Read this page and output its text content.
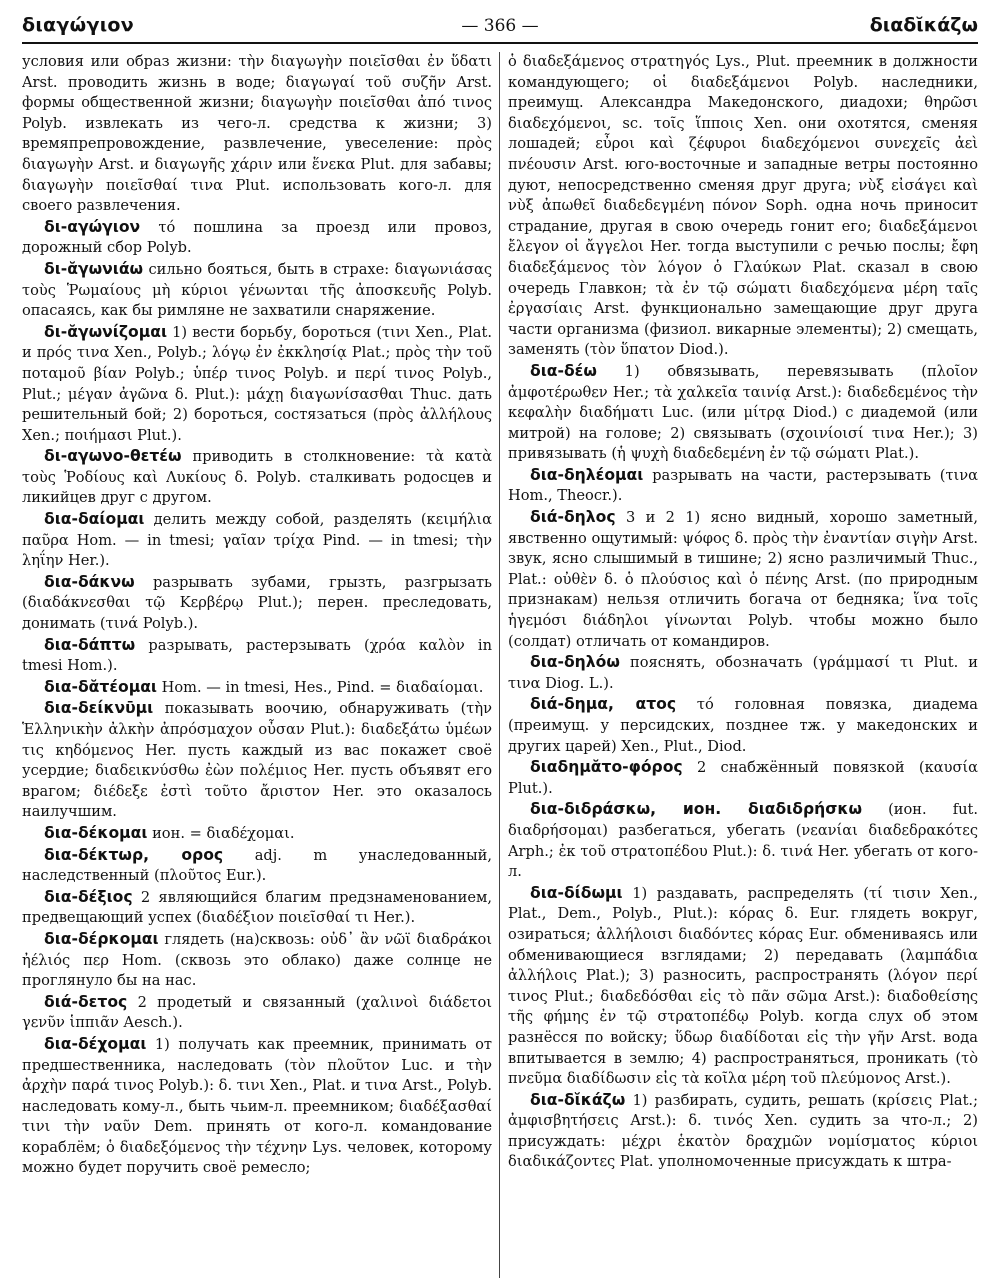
διαγώγιον	— 366 —	διαδῐκάζω

условия или образ жизни: τὴν διαγωγὴν ποιεῖσθαι ἐν ὕδατι Arst. проводить жизнь в воде; διαγωγαί τοῦ συζῆν Arst. формы общественной жизни; διαγωγὴν ποιεῖσθαι ἀπό τινος Polyb. извлекать из чего-л. средства к жизни; 3) времяпрепровождение, развлечение, увеселение: πρὸς διαγωγὴν Arst. и διαγωγῆς χάριν или ἕνεκα Plut. для забавы; διαγωγὴν ποιεῖσθαί τινα Plut. использовать кого-л. для своего развлечения.

δι-αγώγιον τό пошлина за проезд или провоз, дорожный сбор Polyb.

δι-ᾰγωνιάω сильно бояться, быть в страхе: διαγωνιάσας τοὺς Ῥωμαίους μὴ κύριοι γένωνται τῆς ἀποσκευῆς Polyb. опасаясь, как бы римляне не захватили снаряжение.

δι-ᾰγωνίζομαι 1) вести борьбу, бороться (τινι Xen., Plat. и πρός τινα Xen., Polyb.; λόγῳ ἐν ἐκκλησίᾳ Plat.; πρὸς τὴν τοῦ ποταμοῦ βίαν Polyb.; ὑπέρ τινος Polyb. и περί τινος Polyb., Plut.; μέγαν ἀγῶνα δ. Plut.): μάχῃ διαγωνίσασθαι Thuc. дать решительный бой; 2) бороться, состязаться (πρὸς ἀλλήλους Xen.; ποιήμασι Plut.).

δι-αγωνο-θετέω приводить в столкновение: τὰ κατὰ τοὺς Ῥοδίους καὶ Λυκίους δ. Polyb. сталкивать родосцев и ликийцев друг с другом.

δια-δαίομαι делить между собой, разделять (κειμήλια παῦρα Hom. — in tmesi; γαῖαν τρίχα Pind. — in tmesi; τὴν ληΐην Her.).

δια-δάκνω разрывать зубами, грызть, разгрызать (διαδάκνεσθαι τῷ Κερβέρῳ Plut.); перен. преследовать, донимать (τινά Polyb.).

δια-δάπτω разрывать, растерзывать (χρόα καλὸν in tmesi Hom.).

δια-δᾰτέομαι Hom. — in tmesi, Hes., Pind. = διαδαίομαι.

δια-δείκνῡμι показывать воочию, обнаруживать (τὴν Ἑλληνικὴν ἀλκὴν ἀπρόσμαχον οὖσαν Plut.): διαδεξάτω ὑμέων τις κηδόμενος Her. пусть каждый из вас покажет своё усердие; διαδεικνύσθω ἐὼν πολέμιος Her. пусть объявят его врагом; διέδεξε ἐστὶ τοῦτο ἄριστον Her. это оказалось наилучшим.

δια-δέκομαι ион. = διαδέχομαι.

δια-δέκτωρ, ορος adj. m унаследованный, наследственный (πλοῦτος Eur.).

δια-δέξιος 2 являющийся благим предзнаменованием, предвещающий успех (διαδέξιον ποιεῖσθαί τι Her.).

δια-δέρκομαι глядеть (на)сквозь: οὐδ᾽ ἂν νῶϊ διαδράκοι ἠέλιός περ Hom. (сквозь это облако) даже солнце не проглянуло бы на нас.

διά-δετος 2 продетый и связанный (χαλινοὶ διάδετοι γενῦν ἱππιᾶν Aesch.).

δια-δέχομαι 1) получать как преемник, принимать от предшественника, наследовать (τὸν πλοῦτον Luc. и τὴν ἀρχὴν παρά τινος Polyb.): δ. τινι Xen., Plat. и τινα Arst., Polyb. наследовать кому-л., быть чьим-л. преемником; διαδέξασθαί τινι τὴν ναῦν Dem. принять от кого-л. командование кораблём; ὁ διαδεξόμενος τὴν τέχνην Lys. человек, которому можно будет поручить своё ремесло;

ὁ διαδεξάμενος στρατηγός Lys., Plut. преемник в должности командующего; οἱ διαδεξάμενοι Polyb. наследники, преимущ. Александра Македонского, диадохи; θηρῶσι διαδεχόμενοι, sc. τοῖς ἵπποις Xen. они охотятся, сменяя лошадей; εὖροι καὶ ζέφυροι διαδεχόμενοι συνεχεῖς ἀεὶ πνέουσιν Arst. юго-восточные и западные ветры постоянно дуют, непосредственно сменяя друг друга; νὺξ εἰσάγει καὶ νὺξ ἀπωθεῖ διαδεδεγμένη πόνον Soph. одна ночь приносит страдание, другая в свою очередь гонит его; διαδεξάμενοι ἔλεγον οἱ ἄγγελοι Her. тогда выступили с речью послы; ἔφη διαδεξάμενος τὸν λόγον ὁ Γλαύκων Plat. сказал в свою очередь Главкон; τὰ ἐν τῷ σώματι διαδεχόμενα μέρη ταῖς ἐργασίαις Arst. функционально замещающие друг друга части организма (физиол. викарные элементы); 2) смещать, заменять (τὸν ὕπατον Diod.).

δια-δέω 1) обвязывать, перевязывать (πλοῖον ἀμφοτέρωθεν Her.; τὰ χαλκεῖα ταινίᾳ Arst.): διαδεδεμένος τὴν κεφαλὴν διαδήματι Luc. (или μίτρᾳ Diod.) с диадемой (или митрой) на голове; 2) связывать (σχοινίοισί τινα Her.); 3) привязывать (ἡ ψυχὴ διαδεδεμένη ἐν τῷ σώματι Plat.).

δια-δηλέομαι разрывать на части, растерзывать (τινα Hom., Theocr.).

διά-δηλος 3 и 2 1) ясно видный, хорошо заметный, явственно ощутимый: ψόφος δ. πρὸς τὴν ἐναντίαν σιγὴν Arst. звук, ясно слышимый в тишине; 2) ясно различимый Thuc., Plat.: οὐθὲν δ. ὁ πλούσιος καὶ ὁ πένης Arst. (по природным признакам) нельзя отличить богача от бедняка; ἵνα τοῖς ἡγεμόσι διάδηλοι γίνωνται Polyb. чтобы можно было (солдат) отличать от командиров.

δια-δηλόω пояснять, обозначать (γράμμασί τι Plut. и τινα Diog. L.).

διά-δημα, ατος τό головная повязка, диадема (преимущ. у персидских, позднее тж. у македонских и других царей) Xen., Plut., Diod.

διαδημᾰτο-φόρος 2 снабжённый повязкой (καυσία Plut.).

δια-διδράσκω, ион. διαδιδρήσκω (ион. fut. διαδρήσομαι) разбегаться, убегать (νεανίαι διαδεδρακότες Arph.; ἐκ τοῦ στρατοπέδου Plut.): δ. τινά Her. убегать от кого-л.

δια-δίδωμι 1) раздавать, распределять (τί τισιν Xen., Plat., Dem., Polyb., Plut.): κόρας δ. Eur. глядеть вокруг, озираться; ἀλλήλοισι διαδόντες κόρας Eur. обмениваясь или обменивающиеся взглядами; 2) передавать (λαμπάδια ἀλλήλοις Plat.); 3) разносить, распространять (λόγον περί τινος Plut.; διαδεδόσθαι εἰς τὸ πᾶν σῶμα Arst.): διαδοθείσης τῆς φήμης ἐν τῷ στρατοπέδῳ Polyb. когда слух об этом разнёсся по войску; ὕδωρ διαδίδοται εἰς τὴν γῆν Arst. вода впитывается в землю; 4) распространяться, проникать (τὸ πνεῦμα διαδίδωσιν εἰς τὰ κοῖλα μέρη τοῦ πλεύμονος Arst.).

δια-δῐκάζω 1) разбирать, судить, решать (κρίσεις Plat.; ἀμφισβητήσεις Arst.): δ. τινός Xen. судить за что-л.; 2) присуждать: μέχρι ἑκατὸν δραχμῶν νομίσματος κύριοι διαδικάζοντες Plat. уполномоченные присуждать к штра-
